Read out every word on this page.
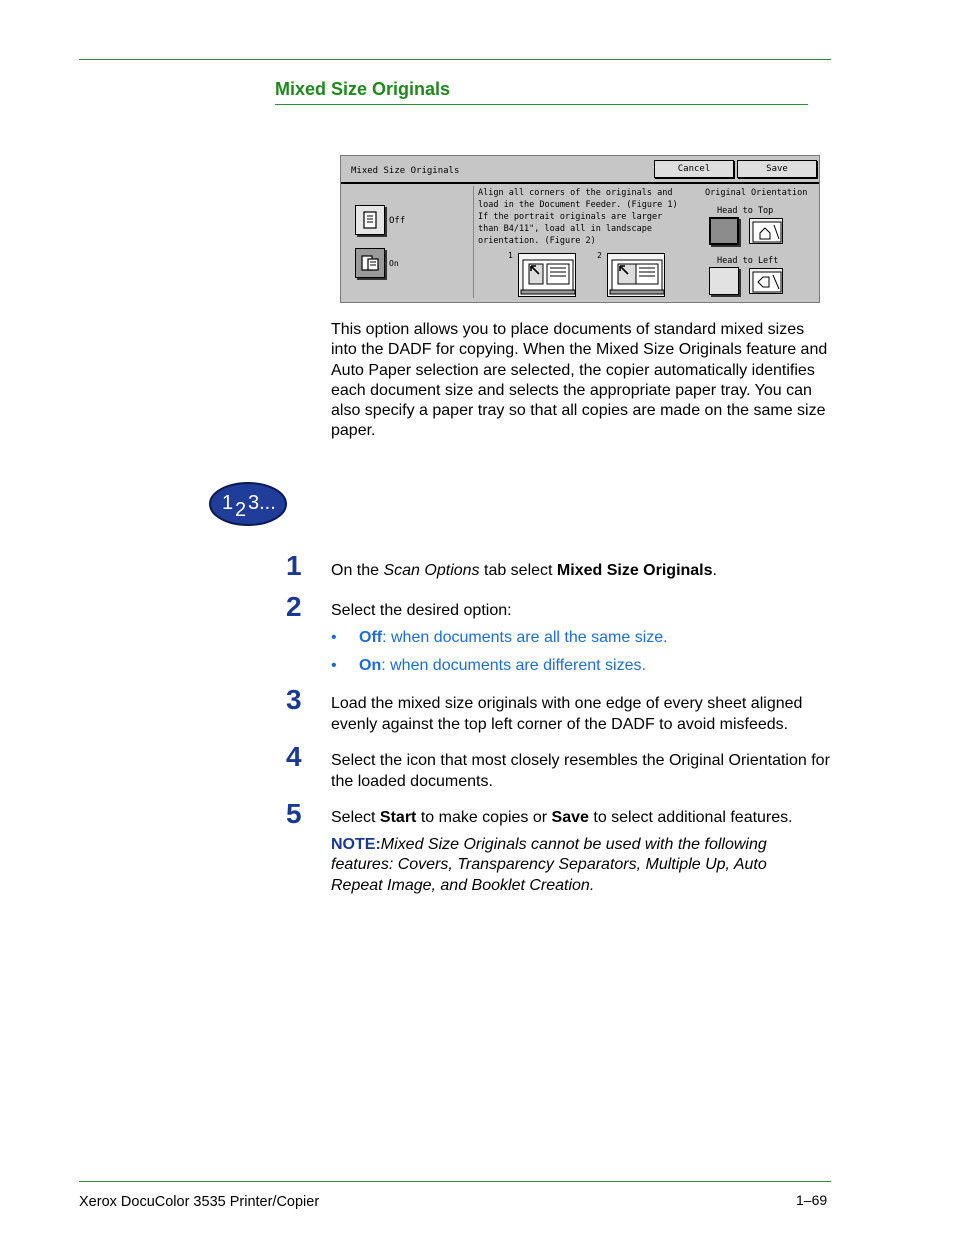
Mixed Size Originals
Mixed Size Originals	Cancel	Save
Off
On
Align all corners of the originals and
load in the Document Feeder. (Figure 1)
If the portrait originals are larger
than B4/11", load all in landscape
orientation. (Figure 2)
1	2
Original Orientation
Head to Top
Head to Left

This option allows you to place documents of standard mixed sizes into the DADF for copying. When the Mixed Size Originals feature and Auto Paper selection are selected, the copier automatically identifies each document size and selects the appropriate paper tray. You can also specify a paper tray so that all copies are made on the same size paper.

1 2 3...
1 On the Scan Options tab select Mixed Size Originals.

2 Select the desired option:

• Off: when documents are all the same size.
• On: when documents are different sizes.
3 Load the mixed size originals with one edge of every sheet aligned evenly against the top left corner of the DADF to avoid misfeeds.

4 Select the icon that most closely resembles the Original Orientation for the loaded documents.

5 Select Start to make copies or Save to select additional features.

NOTE:Mixed Size Originals cannot be used with the following features: Covers, Transparency Separators, Multiple Up, Auto Repeat Image, and Booklet Creation.

Xerox DocuColor 3535 Printer/Copier	1–69
